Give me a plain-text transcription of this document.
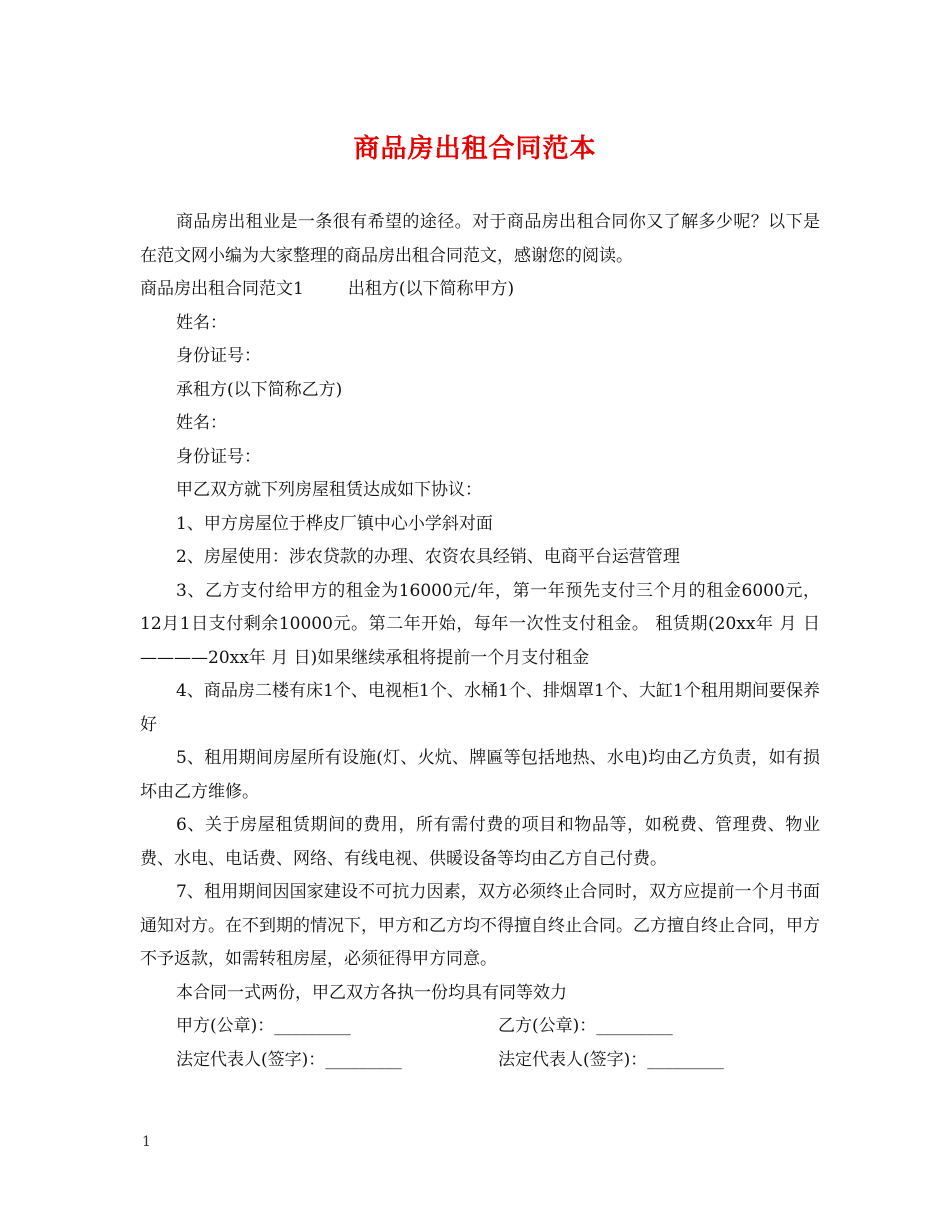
商品房出租合同范本

商品房出租业是一条很有希望的途径。对于商品房出租合同你又了解多少呢？以下是在范文网小编为大家整理的商品房出租合同范文，感谢您的阅读。

商品房出租合同范文1	出租方(以下简称甲方)

姓名：

身份证号：

承租方(以下简称乙方)

姓名：

身份证号：

甲乙双方就下列房屋租赁达成如下协议：

1、甲方房屋位于桦皮厂镇中心小学斜对面

2、房屋使用：涉农贷款的办理、农资农具经销、电商平台运营管理

3、乙方支付给甲方的租金为16000元/年，第一年预先支付三个月的租金6000元，12月1日支付剩余10000元。第二年开始，每年一次性支付租金。 租赁期(20xx年 月 日————20xx年 月 日)如果继续承租将提前一个月支付租金

4、商品房二楼有床1个、电视柜1个、水桶1个、排烟罩1个、大缸1个租用期间要保养好

5、租用期间房屋所有设施(灯、火炕、牌匾等包括地热、水电)均由乙方负责，如有损坏由乙方维修。

6、关于房屋租赁期间的费用，所有需付费的项目和物品等，如税费、管理费、物业费、水电、电话费、网络、有线电视、供暖设备等均由乙方自己付费。

7、租用期间因国家建设不可抗力因素，双方必须终止合同时，双方应提前一个月书面通知对方。在不到期的情况下，甲方和乙方均不得擅自终止合同。乙方擅自终止合同，甲方不予返款，如需转租房屋，必须征得甲方同意。

本合同一式两份，甲乙双方各执一份均具有同等效力

甲方(公章)：_________	乙方(公章)：_________
法定代表人(签字)：_________	法定代表人(签字)：_________
1
